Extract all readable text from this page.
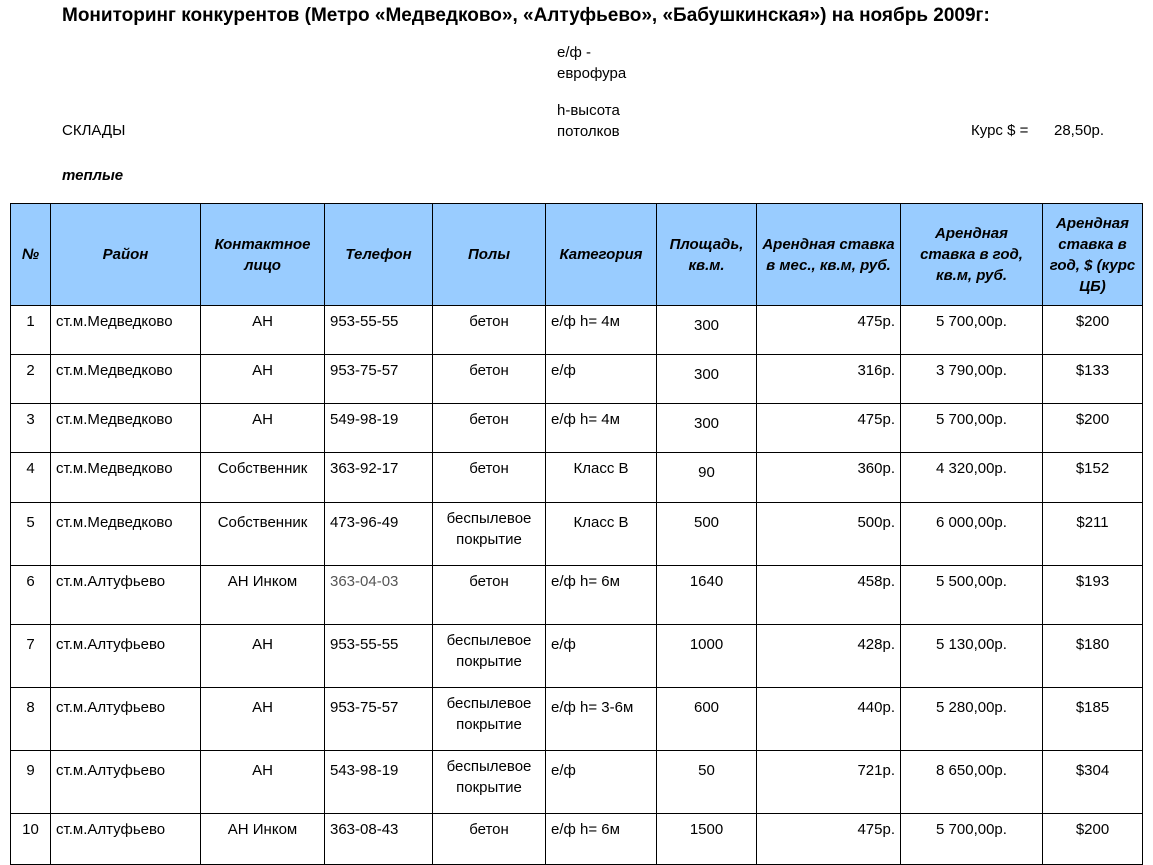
Мониторинг конкурентов (Метро «Медведково», «Алтуфьево», «Бабушкинская») на ноябрь 2009г:
е/ф -
еврофура
h-высота
потолков
СКЛАДЫ	Курс $ = 28,50р.
теплые
№	Район	Контактное лицо	Телефон	Полы	Категория	Площадь, кв.м.	Арендная ставка в мес., кв.м, руб.	Арендная ставка в год, кв.м, руб.	Арендная ставка в год, $ (курс ЦБ)
1	ст.м.Медведково	АН	953-55-55	бетон	е/ф h= 4м	300	475р.	5 700,00р.	$200
2	ст.м.Медведково	АН	953-75-57	бетон	е/ф	300	316р.	3 790,00р.	$133
3	ст.м.Медведково	АН	549-98-19	бетон	е/ф h= 4м	300	475р.	5 700,00р.	$200
4	ст.м.Медведково	Собственник	363-92-17	бетон	Класс В	90	360р.	4 320,00р.	$152
5	ст.м.Медведково	Собственник	473-96-49	беспылевое покрытие	Класс В	500	500р.	6 000,00р.	$211
6	ст.м.Алтуфьево	АН Инком	363-04-03	бетон	е/ф h= 6м	1640	458р.	5 500,00р.	$193
7	ст.м.Алтуфьево	АН	953-55-55	беспылевое покрытие	е/ф	1000	428р.	5 130,00р.	$180
8	ст.м.Алтуфьево	АН	953-75-57	беспылевое покрытие	е/ф h= 3-6м	600	440р.	5 280,00р.	$185
9	ст.м.Алтуфьево	АН	543-98-19	беспылевое покрытие	е/ф	50	721р.	8 650,00р.	$304
10	ст.м.Алтуфьево	АН Инком	363-08-43	бетон	е/ф h= 6м	1500	475р.	5 700,00р.	$200
